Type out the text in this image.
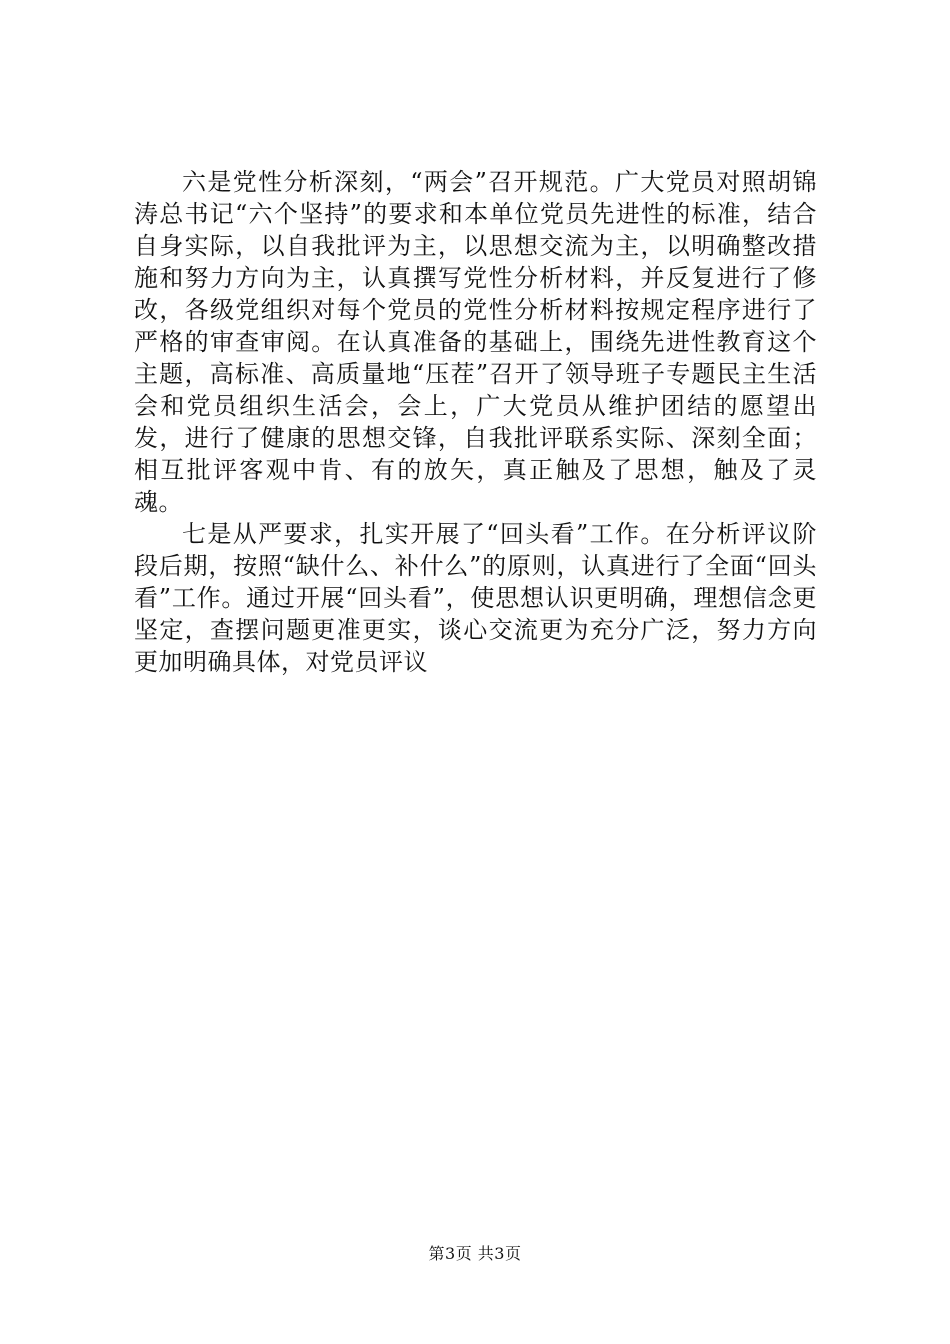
六是党性分析深刻，“两会”召开规范。广大党员对照胡锦涛总书记“六个坚持”的要求和本单位党员先进性的标准，结合自身实际，以自我批评为主，以思想交流为主，以明确整改措施和努力方向为主，认真撰写党性分析材料，并反复进行了修改，各级党组织对每个党员的党性分析材料按规定程序进行了严格的审查审阅。在认真准备的基础上，围绕先进性教育这个主题，高标准、高质量地“压茬”召开了领导班子专题民主生活会和党员组织生活会，会上，广大党员从维护团结的愿望出发，进行了健康的思想交锋，自我批评联系实际、深刻全面；相互批评客观中肯、有的放矢，真正触及了思想，触及了灵魂。

七是从严要求，扎实开展了“回头看”工作。在分析评议阶段后期，按照“缺什么、补什么”的原则，认真进行了全面“回头看”工作。通过开展“回头看”，使思想认识更明确，理想信念更坚定，查摆问题更准更实，谈心交流更为充分广泛，努力方向更加明确具体，对党员评议

第3页 共3页
